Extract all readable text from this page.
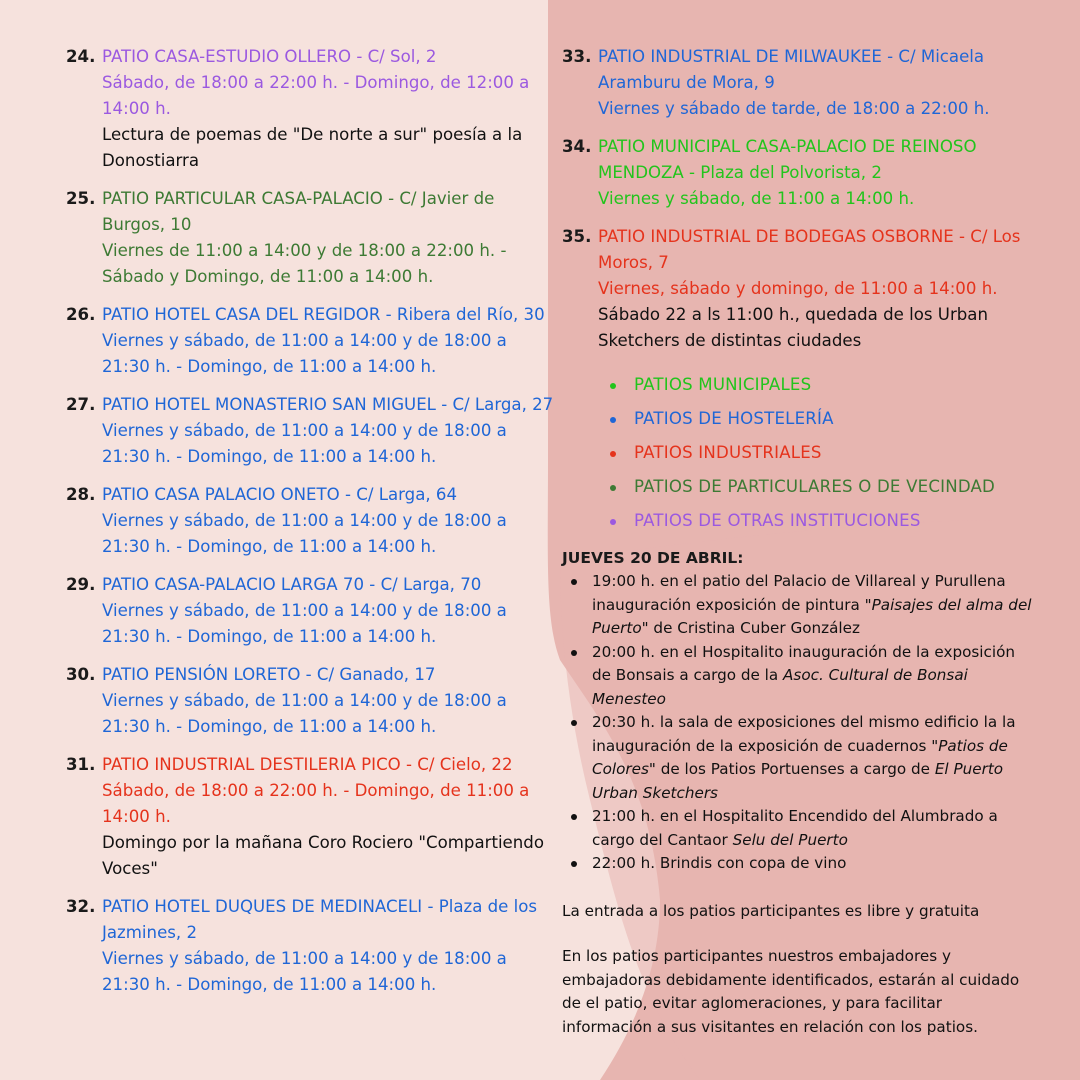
24. PATIO CASA-ESTUDIO OLLERO - C/ Sol, 2
Sábado, de 18:00 a 22:00 h. - Domingo, de 12:00 a 14:00 h.
Lectura de poemas de "De norte a sur" poesía a la Donostiarra
25. PATIO PARTICULAR CASA-PALACIO - C/ Javier de Burgos, 10
Viernes de 11:00 a 14:00 y de 18:00 a 22:00 h. - Sábado y Domingo, de 11:00 a 14:00 h.
26. PATIO HOTEL CASA DEL REGIDOR - Ribera del Río, 30
Viernes y sábado, de 11:00 a 14:00 y de 18:00 a 21:30 h. - Domingo, de 11:00 a 14:00 h.
27. PATIO HOTEL MONASTERIO SAN MIGUEL - C/ Larga, 27
Viernes y sábado, de 11:00 a 14:00 y de 18:00 a 21:30 h. - Domingo, de 11:00 a 14:00 h.
28. PATIO CASA PALACIO ONETO - C/ Larga, 64
Viernes y sábado, de 11:00 a 14:00 y de 18:00 a 21:30 h. - Domingo, de 11:00 a 14:00 h.
29. PATIO CASA-PALACIO LARGA 70 - C/ Larga, 70
Viernes y sábado, de 11:00 a 14:00 y de 18:00 a 21:30 h. - Domingo, de 11:00 a 14:00 h.
30. PATIO PENSIÓN LORETO - C/ Ganado, 17
Viernes y sábado, de 11:00 a 14:00 y de 18:00 a 21:30 h. - Domingo, de 11:00 a 14:00 h.
31. PATIO INDUSTRIAL DESTILERIA PICO - C/ Cielo, 22
Sábado, de 18:00 a 22:00 h. - Domingo, de 11:00 a 14:00 h.
Domingo por la mañana Coro Rociero "Compartiendo Voces"
32. PATIO HOTEL DUQUES DE MEDINACELI - Plaza de los Jazmines, 2
Viernes y sábado, de 11:00 a 14:00 y de 18:00 a 21:30 h. - Domingo, de 11:00 a 14:00 h.
33. PATIO INDUSTRIAL DE MILWAUKEE - C/ Micaela Aramburu de Mora, 9
Viernes y sábado de tarde, de 18:00 a 22:00 h.
34. PATIO MUNICIPAL CASA-PALACIO DE REINOSO MENDOZA - Plaza del Polvorista, 2
Viernes y sábado, de 11:00 a 14:00 h.
35. PATIO INDUSTRIAL DE BODEGAS OSBORNE - C/ Los Moros, 7
Viernes, sábado y domingo, de 11:00 a 14:00 h.
Sábado 22 a ls 11:00 h., quedada de los Urban Sketchers de distintas ciudades
PATIOS MUNICIPALES
PATIOS DE HOSTELERÍA
PATIOS INDUSTRIALES
PATIOS DE PARTICULARES O DE VECINDAD
PATIOS DE OTRAS INSTITUCIONES
JUEVES 20 DE ABRIL:
19:00 h. en el patio del Palacio de Villareal y Purullena inauguración exposición de pintura "Paisajes del alma del Puerto" de Cristina Cuber González
20:00 h. en el Hospitalito inauguración de la exposición de Bonsais a cargo de la Asoc. Cultural de Bonsai Menesteo
20:30 h. la sala de exposiciones del mismo edificio la la inauguración de la exposición de cuadernos "Patios de Colores" de los Patios Portuenses a cargo de El Puerto Urban Sketchers
21:00 h. en el Hospitalito Encendido del Alumbrado a cargo del Cantaor Selu del Puerto
22:00 h. Brindis con copa de vino
La entrada a los patios participantes es libre y gratuita
En los patios participantes nuestros embajadores y embajadoras debidamente identificados, estarán al cuidado de el patio, evitar aglomeraciones, y para facilitar información a sus visitantes en relación con los patios.
